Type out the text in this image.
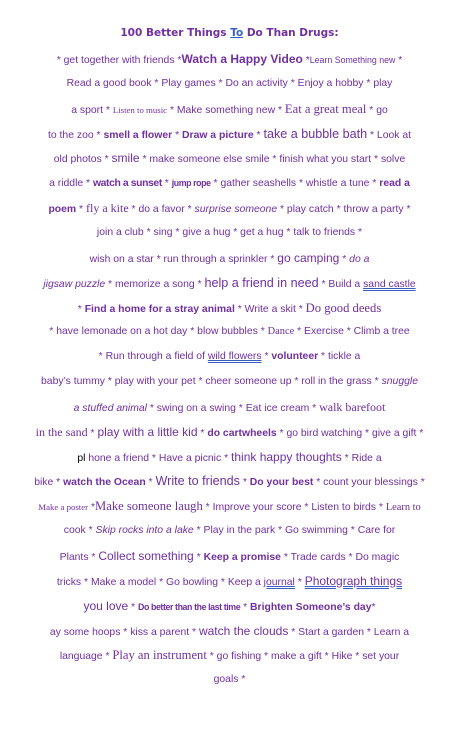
100 Better Things To Do Than Drugs:
* get together with friends *Watch a Happy Video *Learn Something new *
Read a good book * Play games * Do an activity * Enjoy a hobby * play
a sport * Listen to music * Make something new * Eat a great meal * go
to the zoo * smell a flower * Draw a picture * take a bubble bath * Look at
old photos * smile * make someone else smile * finish what you start * solve
a riddle * watch a sunset * jump rope * gather seashells * whistle a tune * read a
poem * fly a kite * do a favor * surprise someone * play catch * throw a party *
join a club * sing * give a hug * get a hug * talk to friends *
wish on a star * run through a sprinkler * go camping * do a
jigsaw puzzle * memorize a song * help a friend in need * Build a sand castle
* Find a home for a stray animal * Write a skit * Do good deeds
* have lemonade on a hot day * blow bubbles * Dance * Exercise * Climb a tree
* Run through a field of wild flowers * volunteer * tickle a
baby’s tummy * play with your pet * cheer someone up * roll in the grass * snuggle
a stuffed animal * swing on a swing * Eat ice cream * walk barefoot
in the sand * play with a little kid * do cartwheels * go bird watching * give a gift *
pl hone a friend * Have a picnic * think happy thoughts * Ride a
bike * watch the Ocean * Write to friends * Do your best * count your blessings *
Make a poster *Make someone laugh * Improve your score * Listen to birds * Learn to
cook * Skip rocks into a lake * Play in the park * Go swimming * Care for
Plants * Collect something * Keep a promise * Trade cards * Do magic
tricks * Make a model * Go bowling * Keep a journal * Photograph things
you love * Do better than the last time * Brighten Someone’s day*
ay some hoops * kiss a parent * watch the clouds * Start a garden * Learn a
language * Play an instrument * go fishing * make a gift * Hike * set your
goals *
